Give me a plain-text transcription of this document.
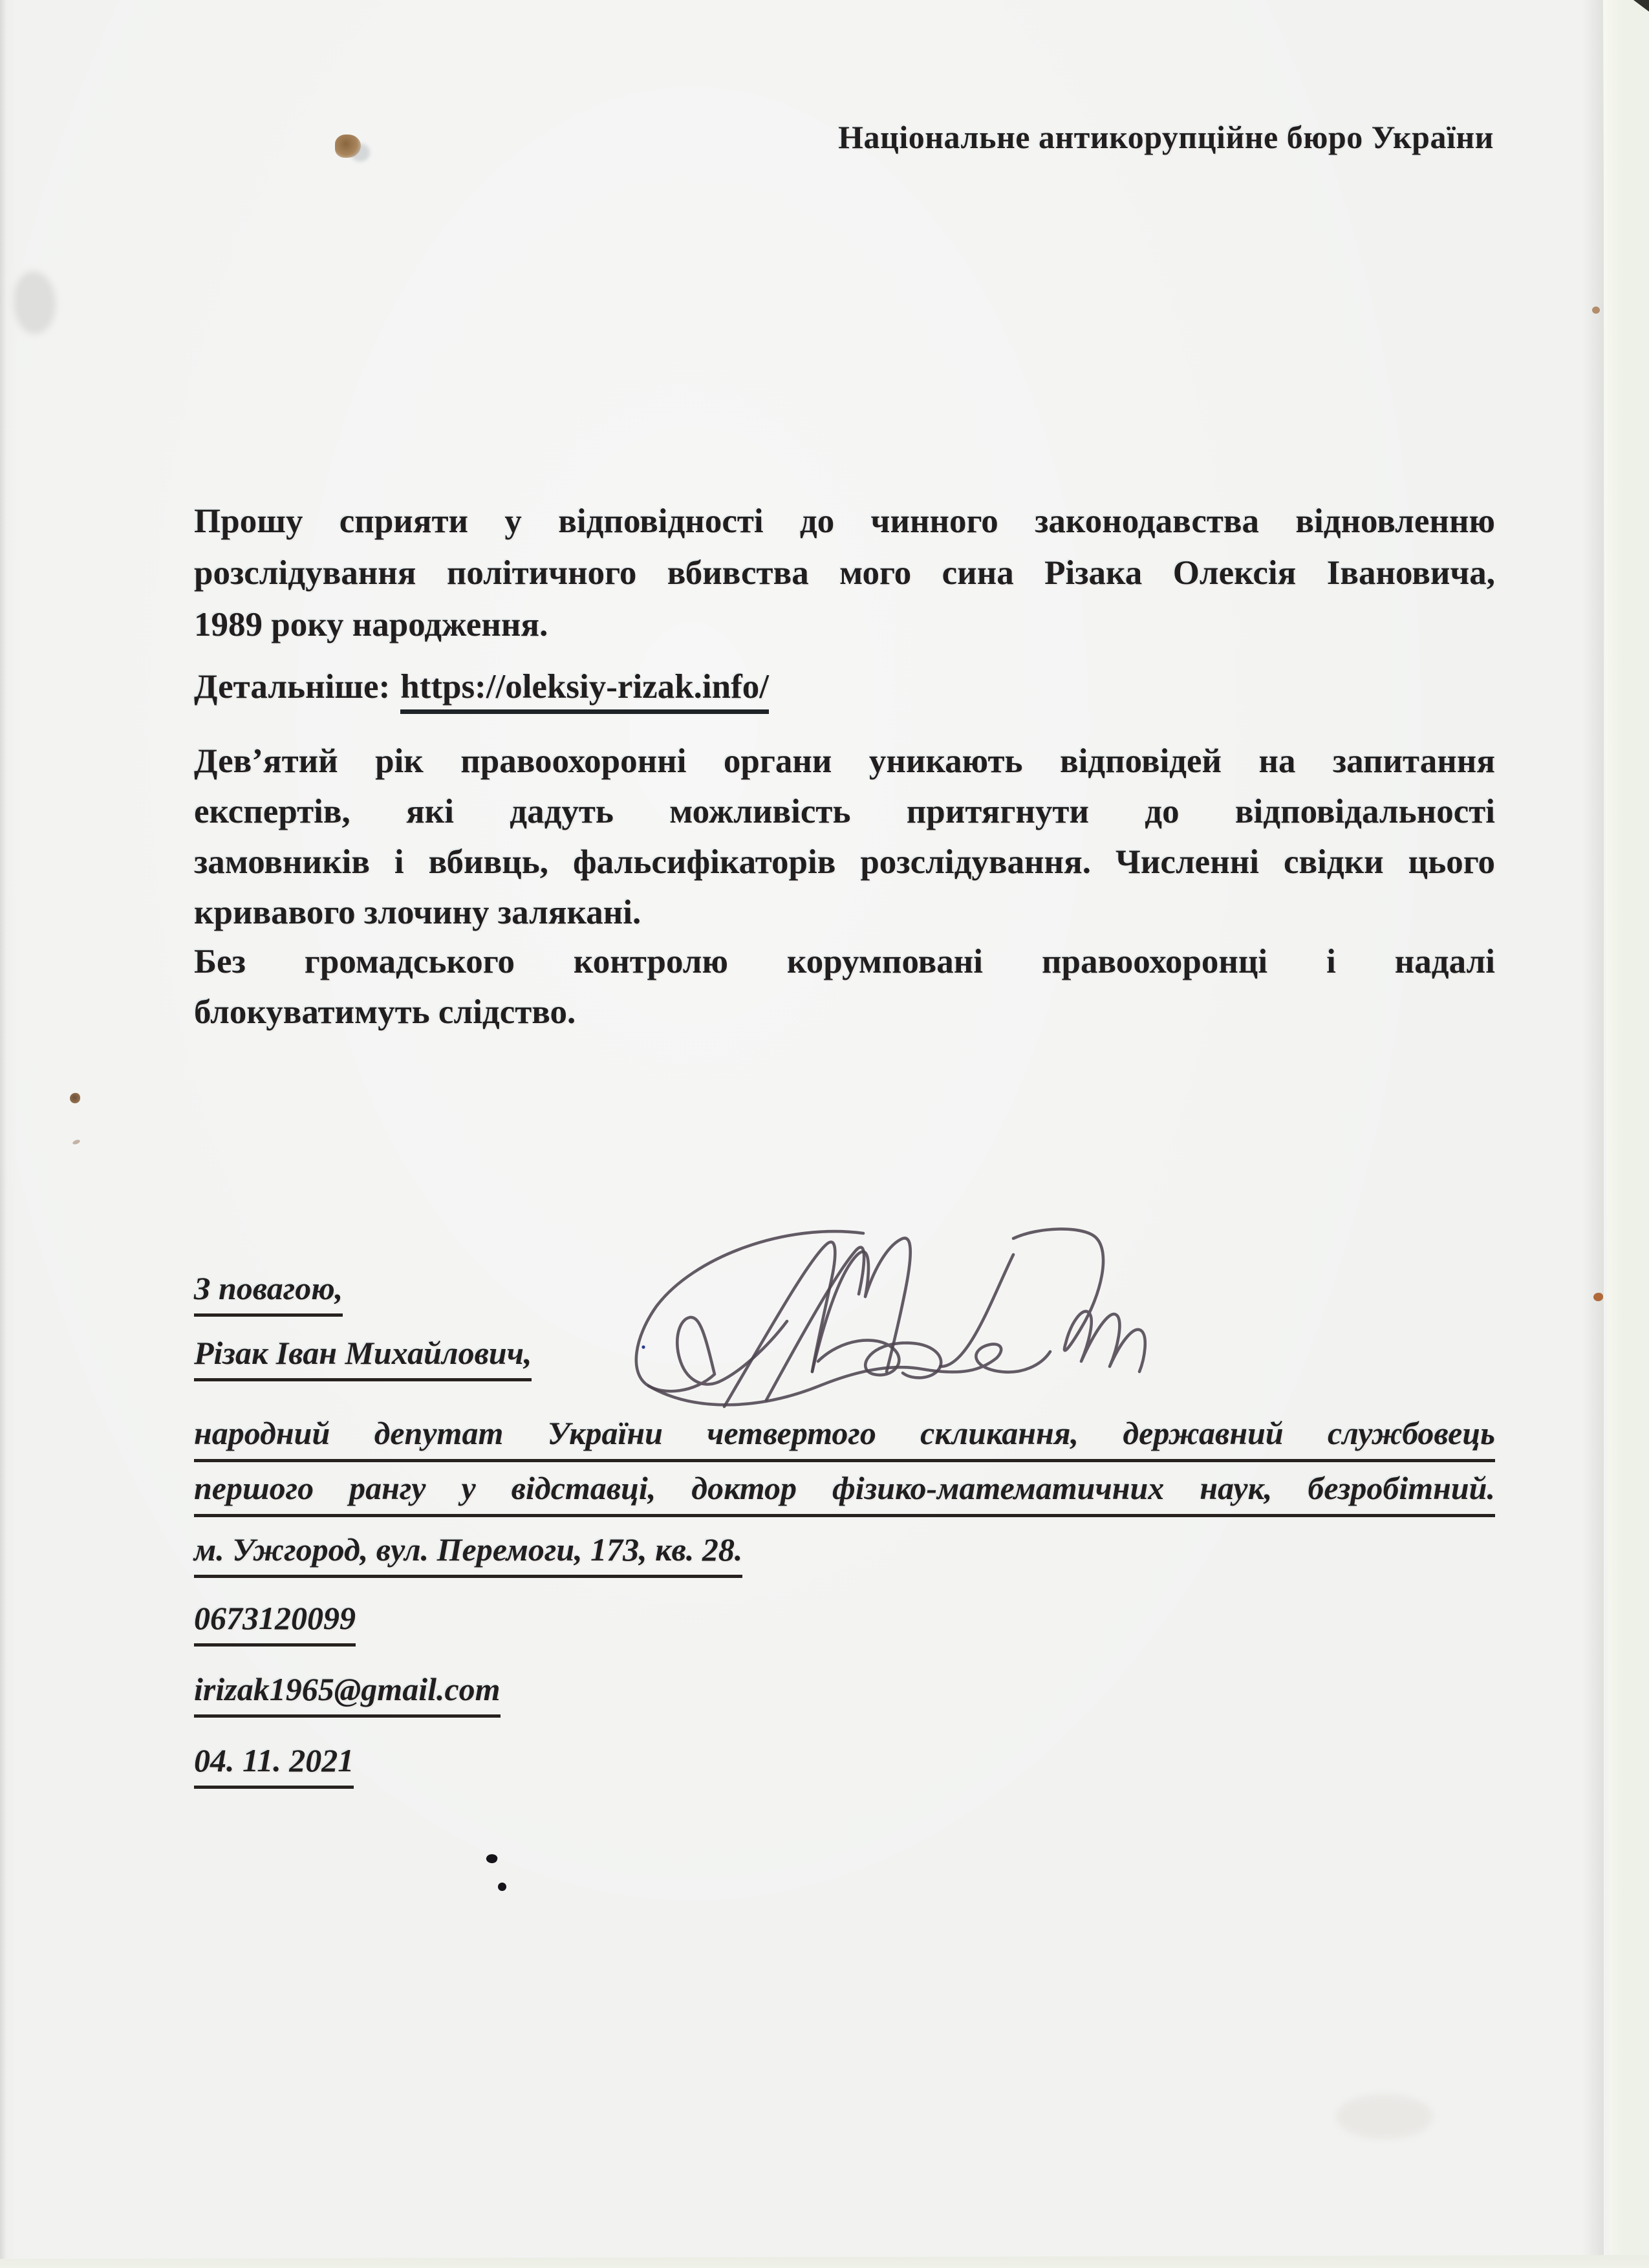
Національне антикорупційне бюро України
Прошу сприяти у відповідності до чинного законодавства відновленню
розслідування політичного вбивства мого сина Різака Олексія Івановича,
1989 року народження.
Детальніше: https://oleksiy-rizak.info/
Дев’ятий рік правоохоронні органи уникають відповідей на запитання
експертів, які дадуть можливість притягнути до відповідальності
замовників і вбивць, фальсифікаторів розслідування. Численні свідки цього
кривавого злочину залякані.
Без громадського контролю корумповані правоохоронці і надалі
блокуватимуть слідство.
З повагою,
Різак Іван Михайлович,
народний депутат України четвертого скликання, державний службовець
першого рангу у відставці, доктор фізико-математичних наук, безробітний.
м. Ужгород, вул. Перемоги, 173, кв. 28.
0673120099
irizak1965@gmail.com
04. 11. 2021
